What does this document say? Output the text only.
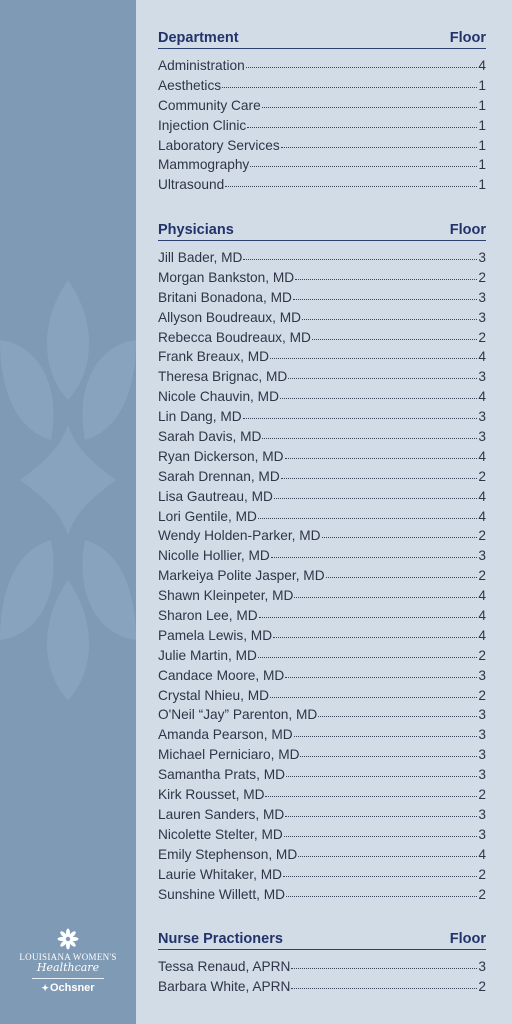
LOUISIANA WOMEN'S
Healthcare
✦Ochsner
Department	Floor
Administration	4
Aesthetics	1
Community Care	1
Injection Clinic	1
Laboratory Services	1
Mammography	1
Ultrasound	1
Physicians	Floor
Jill Bader, MD	3
Morgan Bankston, MD	2
Britani Bonadona, MD	3
Allyson Boudreaux, MD	3
Rebecca Boudreaux, MD	2
Frank Breaux, MD	4
Theresa Brignac, MD	3
Nicole Chauvin, MD	4
Lin Dang, MD	3
Sarah Davis, MD	3
Ryan Dickerson, MD	4
Sarah Drennan, MD	2
Lisa Gautreau, MD	4
Lori Gentile, MD	4
Wendy Holden-Parker, MD	2
Nicolle Hollier, MD	3
Markeiya Polite Jasper, MD	2
Shawn Kleinpeter, MD	4
Sharon Lee, MD	4
Pamela Lewis, MD	4
Julie Martin, MD	2
Candace Moore, MD	3
Crystal Nhieu, MD	2
O'Neil “Jay” Parenton, MD	3
Amanda Pearson, MD	3
Michael Perniciaro, MD	3
Samantha Prats, MD	3
Kirk Rousset, MD	2
Lauren Sanders, MD	3
Nicolette Stelter, MD	3
Emily Stephenson, MD	4
Laurie Whitaker, MD	2
Sunshine Willett, MD	2
Nurse Practioners	Floor
Tessa Renaud, APRN	3
Barbara White, APRN	2
